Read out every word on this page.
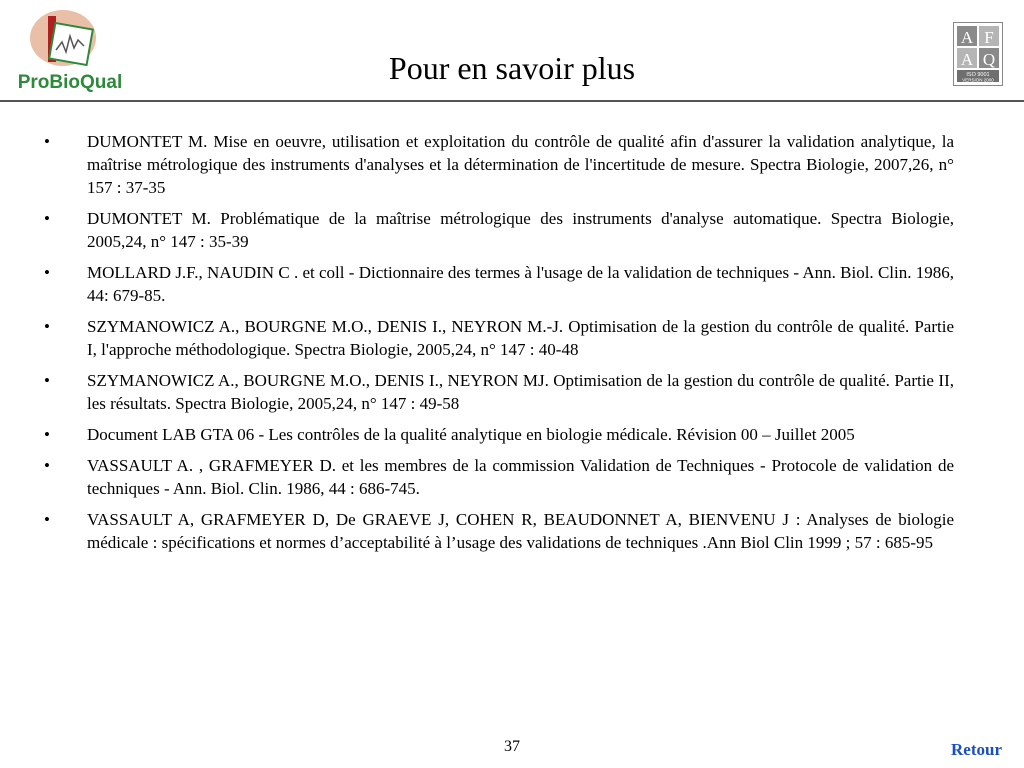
ProBioQual	Pour en savoir plus
A F
A Q
ISO 9001
VERSION 2000
•	DUMONTET M. Mise en oeuvre, utilisation et exploitation du contrôle de qualité afin d'assurer la validation analytique, la maîtrise métrologique des instruments d'analyses et la détermination de l'incertitude de mesure. Spectra Biologie, 2007,26, n° 157 : 37-35
•	DUMONTET M. Problématique de la maîtrise métrologique des instruments d'analyse automatique. Spectra Biologie, 2005,24, n° 147 : 35-39
•	MOLLARD J.F., NAUDIN C . et coll - Dictionnaire des termes à l'usage de la validation de techniques - Ann. Biol. Clin. 1986, 44: 679-85.
•	SZYMANOWICZ A., BOURGNE M.O., DENIS I., NEYRON M.-J. Optimisation de la gestion du contrôle de qualité. Partie I, l'approche méthodologique. Spectra Biologie, 2005,24, n° 147 : 40-48
•	SZYMANOWICZ A., BOURGNE M.O., DENIS I., NEYRON MJ. Optimisation de la gestion du contrôle de qualité. Partie II, les résultats. Spectra Biologie, 2005,24, n° 147 : 49-58
•	Document LAB GTA 06 - Les contrôles de la qualité analytique en biologie médicale. Révision 00 – Juillet 2005
•	VASSAULT A. , GRAFMEYER D. et les membres de la commission Validation de Techniques - Protocole de validation de techniques - Ann. Biol. Clin. 1986, 44 : 686-745.
•	VASSAULT A, GRAFMEYER D, De GRAEVE J, COHEN R, BEAUDONNET A, BIENVENU J : Analyses de biologie médicale : spécifications et normes d’acceptabilité à l’usage des validations de techniques .Ann Biol Clin 1999 ; 57 : 685-95
37	Retour
